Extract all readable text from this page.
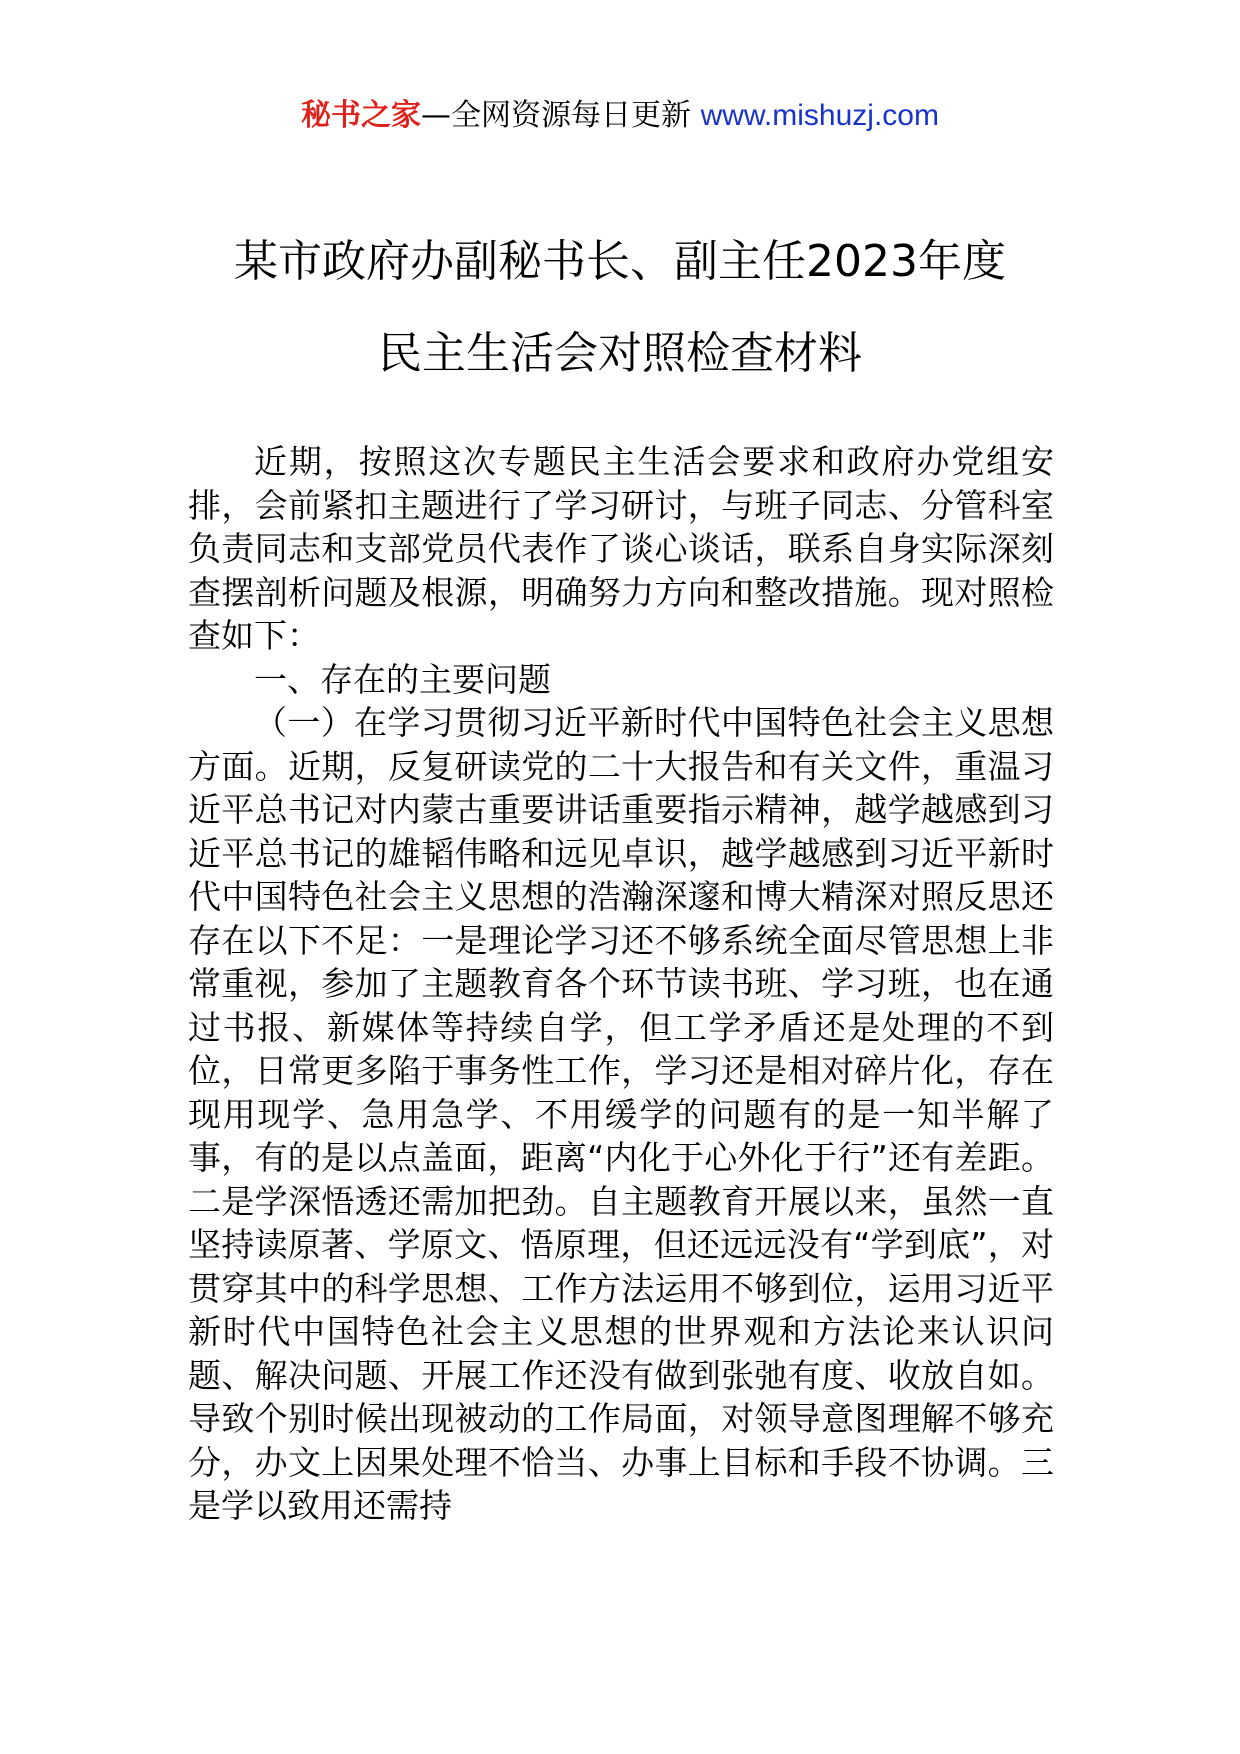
秘书之家—全网资源每日更新 www.mishuzj.com
某市政府办副秘书长、副主任2023年度
民主生活会对照检查材料

近期，按照这次专题民主生活会要求和政府办党组安排，会前紧扣主题进行了学习研讨，与班子同志、分管科室负责同志和支部党员代表作了谈心谈话，联系自身实际深刻查摆剖析问题及根源，明确努力方向和整改措施。现对照检查如下：

一、存在的主要问题

（一）在学习贯彻习近平新时代中国特色社会主义思想方面。近期，反复研读党的二十大报告和有关文件，重温习近平总书记对内蒙古重要讲话重要指示精神，越学越感到习近平总书记的雄韬伟略和远见卓识，越学越感到习近平新时代中国特色社会主义思想的浩瀚深邃和博大精深对照反思还存在以下不足：一是理论学习还不够系统全面尽管思想上非常重视，参加了主题教育各个环节读书班、学习班，也在通过书报、新媒体等持续自学，但工学矛盾还是处理的不到位，日常更多陷于事务性工作，学习还是相对碎片化，存在现用现学、急用急学、不用缓学的问题有的是一知半解了事，有的是以点盖面，距离“内化于心外化于行”还有差距。二是学深悟透还需加把劲。自主题教育开展以来，虽然一直坚持读原著、学原文、悟原理，但还远远没有“学到底”，对贯穿其中的科学思想、工作方法运用不够到位，运用习近平新时代中国特色社会主义思想的世界观和方法论来认识问题、解决问题、开展工作还没有做到张弛有度、收放自如。导致个别时候出现被动的工作局面，对领导意图理解不够充分，办文上因果处理不恰当、办事上目标和手段不协调。三是学以致用还需持
